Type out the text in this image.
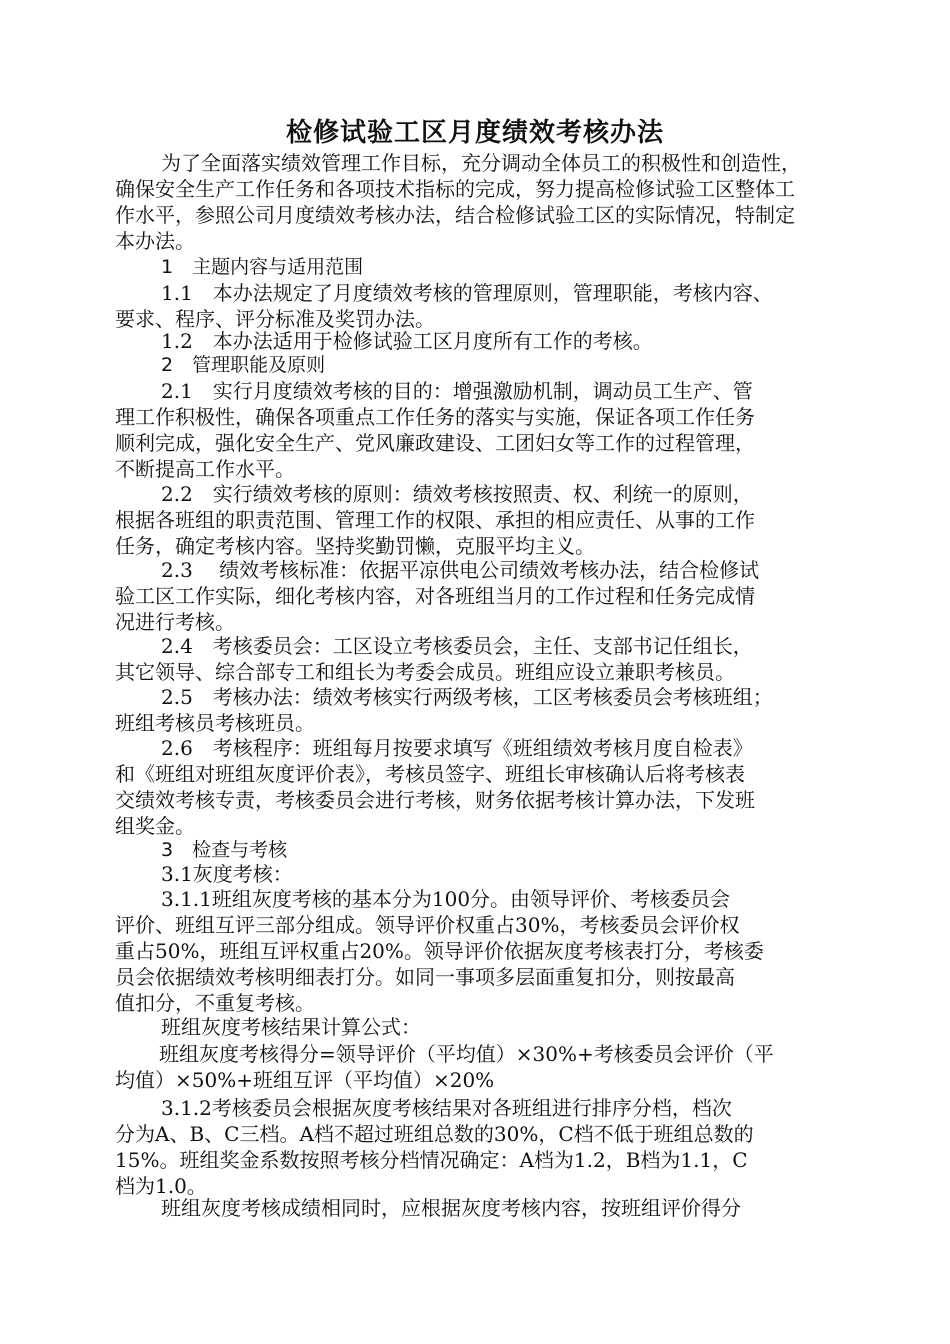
检修试验工区月度绩效考核办法
为了全面落实绩效管理工作目标，充分调动全体员工的积极性和创造性，
确保安全生产工作任务和各项技术指标的完成，努力提高检修试验工区整体工
作水平，参照公司月度绩效考核办法，结合检修试验工区的实际情况，特制定
本办法。
1　主题内容与适用范围
1.1　本办法规定了月度绩效考核的管理原则，管理职能，考核内容、
要求、程序、评分标准及奖罚办法。
1.2　本办法适用于检修试验工区月度所有工作的考核。
2　管理职能及原则
2.1　实行月度绩效考核的目的：增强激励机制，调动员工生产、管
理工作积极性，确保各项重点工作任务的落实与实施，保证各项工作任务
顺利完成，强化安全生产、党风廉政建设、工团妇女等工作的过程管理，
不断提高工作水平。
2.2　实行绩效考核的原则：绩效考核按照责、权、利统一的原则，
根据各班组的职责范围、管理工作的权限、承担的相应责任、从事的工作
任务，确定考核内容。坚持奖勤罚懒，克服平均主义。
2.3　 绩效考核标准：依据平凉供电公司绩效考核办法，结合检修试
验工区工作实际，细化考核内容，对各班组当月的工作过程和任务完成情
况进行考核。
2.4　考核委员会：工区设立考核委员会，主任、支部书记任组长，
其它领导、综合部专工和组长为考委会成员。班组应设立兼职考核员。
2.5　考核办法：绩效考核实行两级考核，工区考核委员会考核班组；
班组考核员考核班员。
2.6　考核程序：班组每月按要求填写《班组绩效考核月度自检表》
和《班组对班组灰度评价表》，考核员签字、班组长审核确认后将考核表
交绩效考核专责，考核委员会进行考核，财务依据考核计算办法，下发班
组奖金。
3　检查与考核
3.1灰度考核：
3.1.1班组灰度考核的基本分为100分。由领导评价、考核委员会
评价、班组互评三部分组成。领导评价权重占30%，考核委员会评价权
重占50%，班组互评权重占20%。领导评价依据灰度考核表打分，考核委
员会依据绩效考核明细表打分。如同一事项多层面重复扣分，则按最高
值扣分，不重复考核。
班组灰度考核结果计算公式：
班组灰度考核得分=领导评价（平均值）×30%+考核委员会评价（平
均值）×50%+班组互评（平均值）×20%
3.1.2考核委员会根据灰度考核结果对各班组进行排序分档，档次
分为A、B、C三档。A档不超过班组总数的30%，C档不低于班组总数的
15%。班组奖金系数按照考核分档情况确定：A档为1.2，B档为1.1，C
档为1.0。
班组灰度考核成绩相同时，应根据灰度考核内容，按班组评价得分
